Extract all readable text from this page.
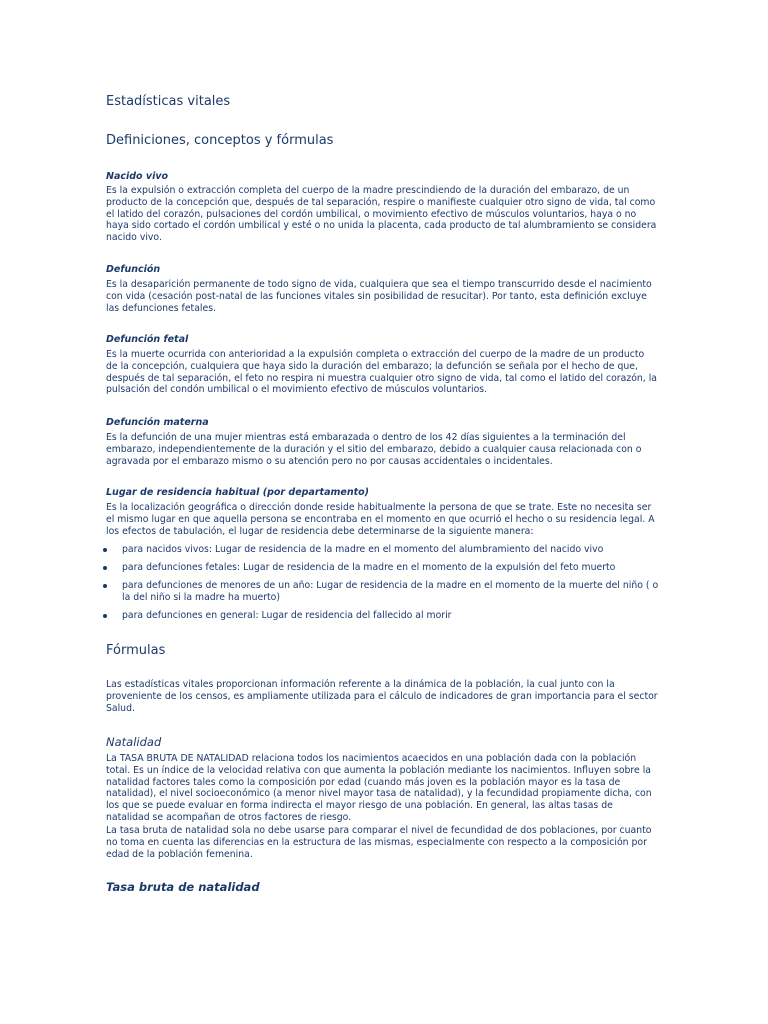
Estadísticas vitales
Definiciones, conceptos y fórmulas
Nacido vivo

Es la expulsión o extracción completa del cuerpo de la madre prescindiendo de la duración del embarazo, de un producto de la concepción que, después de tal separación, respire o manifieste cualquier otro signo de vida, tal como el latido del corazón, pulsaciones del cordón umbilical, o movimiento efectivo de músculos voluntarios, haya o no haya sido cortado el cordón umbilical y esté o no unida la placenta, cada producto de tal alumbramiento se considera nacido vivo.

Defunción

Es la desaparición permanente de todo signo de vida, cualquiera que sea el tiempo transcurrido desde el nacimiento con vida (cesación post-natal de las funciones vitales sin posibilidad de resucitar). Por tanto, esta definición excluye las defunciones fetales.

Defunción fetal

Es la muerte ocurrida con anterioridad a la expulsión completa o extracción del cuerpo de la madre de un producto de la concepción, cualquiera que haya sido la duración del embarazo; la defunción se señala por el hecho de que, después de tal separación, el feto no respira ni muestra cualquier otro signo de vida, tal como el latido del corazón, la pulsación del condón umbilical o el movimiento efectivo de músculos voluntarios.

Defunción materna

Es la defunción de una mujer mientras está embarazada o dentro de los 42 días siguientes a la terminación del embarazo, independientemente de la duración y el sitio del embarazo, debido a cualquier causa relacionada con o agravada por el embarazo mismo o su atención pero no por causas accidentales o incidentales.

Lugar de residencia habitual (por departamento)

Es la localización geográfica o dirección donde reside habitualmente la persona de que se trate. Este no necesita ser el mismo lugar en que aquella persona se encontraba en el momento en que ocurrió el hecho o su residencia legal. A los efectos de tabulación, el lugar de residencia debe determinarse de la siguiente manera:

para nacidos vivos: Lugar de residencia de la madre en el momento del alumbramiento del nacido vivo
para defunciones fetales: Lugar de residencia de la madre en el momento de la expulsión del feto muerto
para defunciones de menores de un año: Lugar de residencia de la madre en el momento de la muerte del niño ( o la del niño si la madre ha muerto)
para defunciones en general: Lugar de residencia del fallecido al morir
Fórmulas

Las estadísticas vitales proporcionan información referente a la dinámica de la población, la cual junto con la proveniente de los censos, es ampliamente utilizada para el cálculo de indicadores de gran importancia para el sector Salud.

Natalidad

La TASA BRUTA DE NATALIDAD relaciona todos los nacimientos acaecidos en una población dada con la población total. Es un índice de la velocidad relativa con que aumenta la población mediante los nacimientos. Influyen sobre la natalidad factores tales como la composición por edad (cuando más joven es la población mayor es la tasa de natalidad), el nivel socioeconómico (a menor nivel mayor tasa de natalidad), y la fecundidad propiamente dicha, con los que se puede evaluar en forma indirecta el mayor riesgo de una población. En general, las altas tasas de natalidad se acompañan de otros factores de riesgo.

La tasa bruta de natalidad sola no debe usarse para comparar el nivel de fecundidad de dos poblaciones, por cuanto no toma en cuenta las diferencias en la estructura de las mismas, especialmente con respecto a la composición por edad de la población femenina.

Tasa bruta de natalidad
